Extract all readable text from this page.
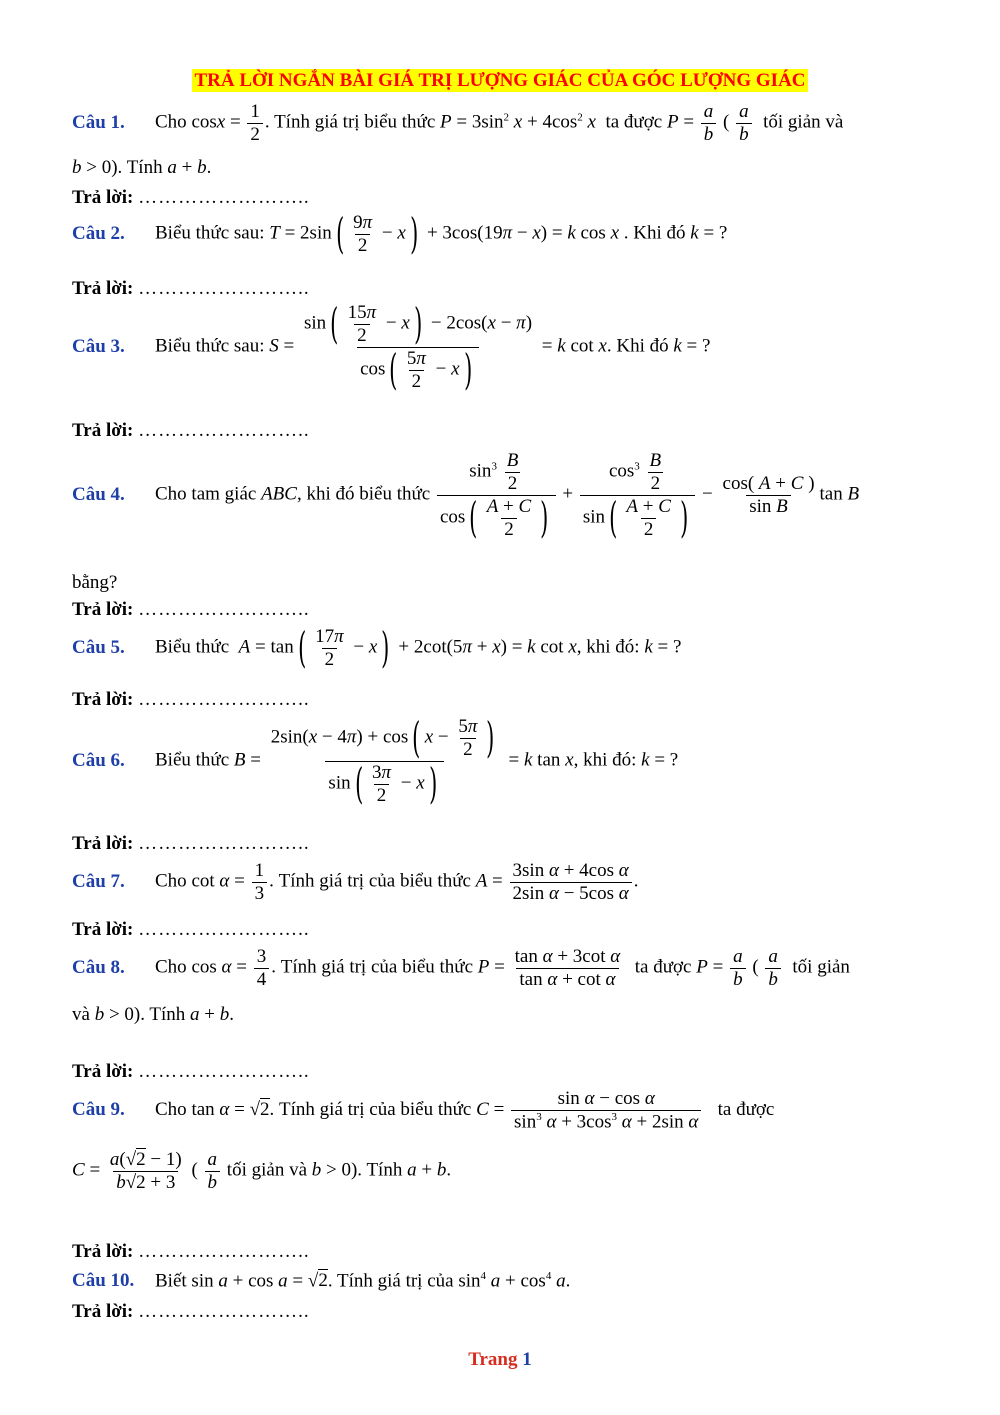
TRẢ LỜI NGẮN BÀI GIÁ TRỊ LƯỢNG GIÁC CỦA GÓC LƯỢNG GIÁC
Câu 1. Cho $\cos x = \frac{1}{2}$ . Tính giá trị biểu thức $P = 3\sin^2$ $x + 4\cos^2$ x ta được $P = \frac{a}{b}$ ( $\frac{a}{b}$ tối giản và
b > 0). Tính a + b.
Trả lời: ……………………..
Câu 2. Biểu thức sau: $T = 2\sin( \frac{9\pi}{2} - x) + 3\cos(19\pi - x) = k$ cos x . Khi đó k = ?
Trả lời: ……………………..
Câu 3. Biểu thức sau: $S = \frac{\sin( \frac{15\pi}{2} - x) - 2\cos(x - \pi)}{\cos( \frac{5\pi}{2} - x)} = k$ cot x. Khi đó k = ?
Trả lời: ……………………..
Câu 4. Cho tam giác ABC, khi đó biểu thức $\frac{\sin^3 \frac{B}{2}}{\cos( \frac{A + C}{2} )} + \frac{\cos^3 \frac{B}{2}}{\sin( \frac{A + C}{2} )} - \frac{\cos( A + C )}{\text{sin B}}$ tan B
bằng?
Trả lời: ……………………..
Câu 5. Biểu thức $A = \tan( \frac{17\pi}{2} - x) + 2\cot(5\pi + x) = k$ cot x, khi đó: k = ?
Trả lời: ……………………..
Câu 6. Biểu thức $B = \frac{2\sin(x - 4\pi) + \cos( x - \frac{5\pi}{2} )}{\sin( \frac{3\pi}{2} - x)} = k$ tan x, khi đó: k = ?
Trả lời: ……………………..
Câu 7. Cho $\cot \alpha = \frac{1}{3}$ . Tính giá trị của biểu thức $A = \frac{\text{3sin α + 4cos α}}{\text{2sin α − 5cos α}}$ .
Trả lời: ……………………..
Câu 8. Cho $\cos \alpha = \frac{3}{4}$ . Tính giá trị của biểu thức $P = \frac{\text{tan α + 3cot α}}{\text{tan α + cot α}}$ ta được $P = \frac{a}{b}$ ( $\frac{a}{b}$ tối giản
và b > 0). Tính a + b.
Trả lời: ……………………..
Câu 9. Cho tan α = √2. Tính giá trị của biểu thức $C = \frac{\text{sin α − cos α}}{\sin^3 \alpha + 3\cos^3 \alpha + 2\sin \alpha}$ ta được
$C = \frac{a(√2 - 1)}{b√2 + 3}$ ( $\frac{a}{b}$ tối giản và b > 0). Tính a + b.
Trả lời: ……………………..
Câu 10. Biết sin a + cos a = √2. Tính giá trị của $\sin^4 a + \cos^4 a$.
Trả lời: ……………………..
Trang 1
